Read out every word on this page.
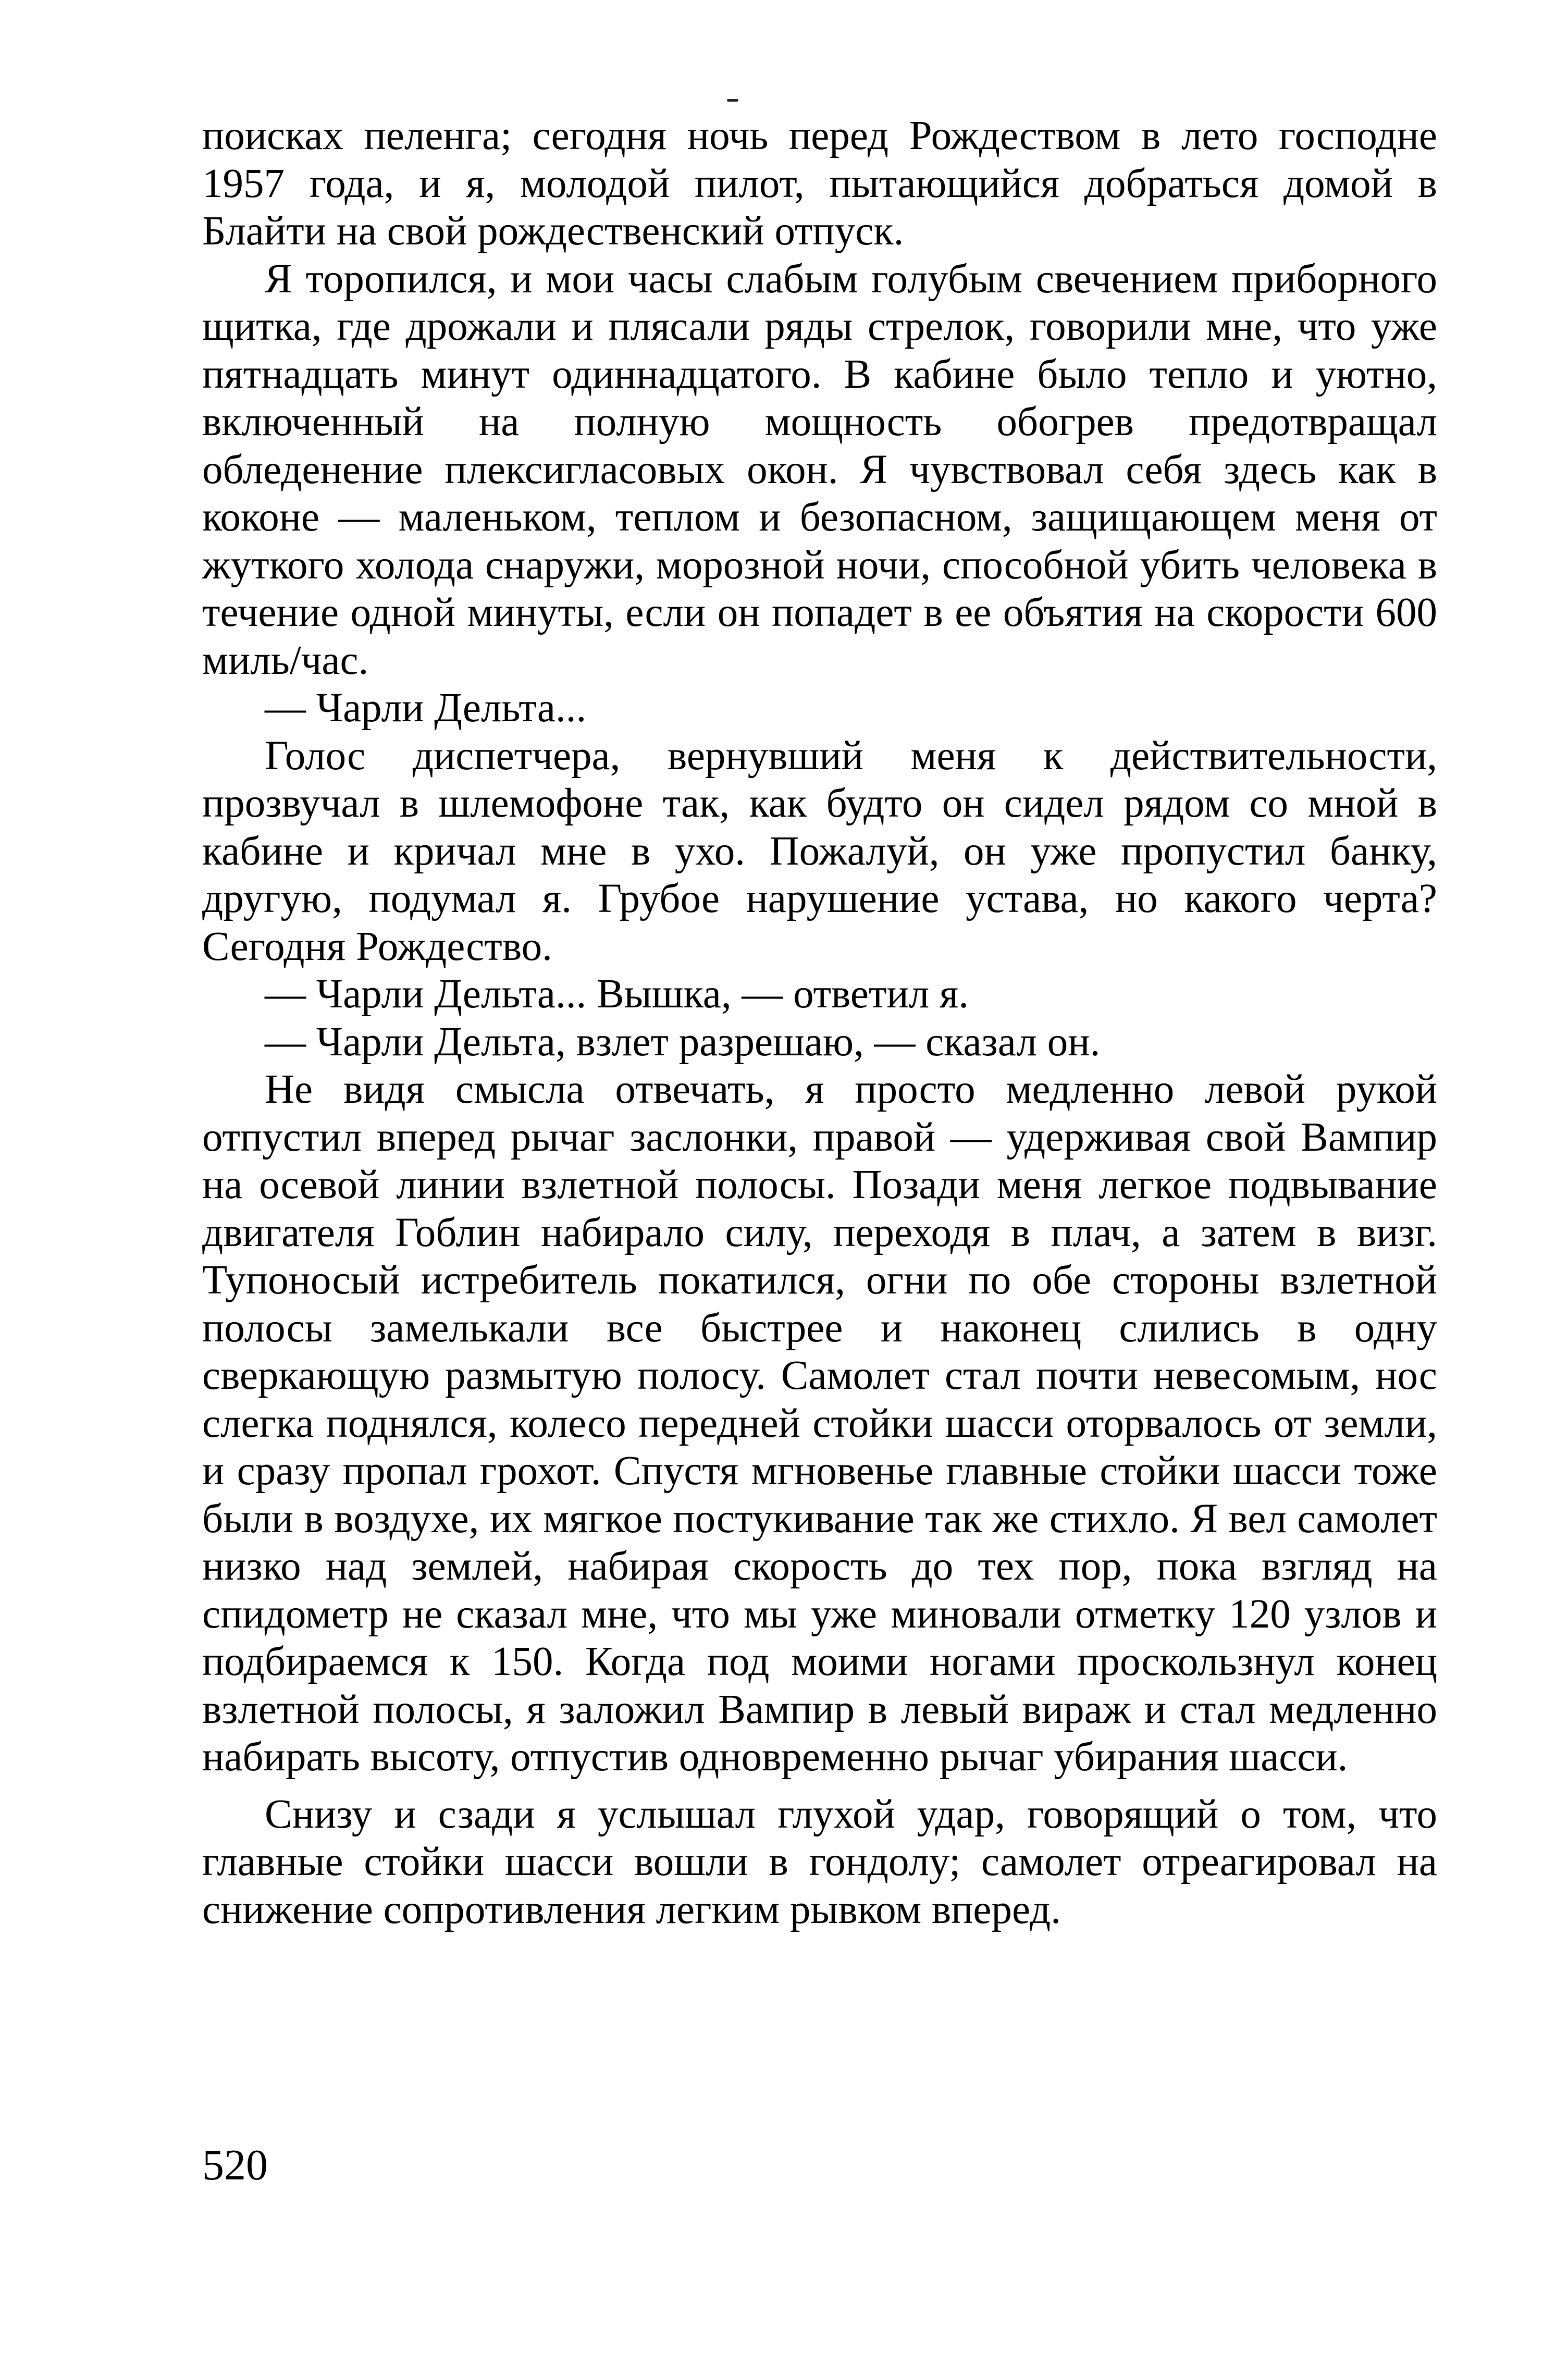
поисках пеленга; сегодня ночь перед Рождеством в лето господне 1957 года, и я, молодой пилот, пытающийся добраться домой в Блайти на свой рождественский отпуск.

Я торопился, и мои часы слабым голубым свечением приборного щитка, где дрожали и плясали ряды стрелок, говорили мне, что уже пятнадцать минут одиннадцатого. В кабине было тепло и уютно, включенный на полную мощность обогрев предотвращал обледенение плексигласовых окон. Я чувствовал себя здесь как в коконе — маленьком, теплом и безопасном, защищающем меня от жуткого холода снаружи, морозной ночи, способной убить человека в течение одной минуты, если он попадет в ее объятия на скорости 600 миль/час.

— Чарли Дельта...

Голос диспетчера, вернувший меня к действительности, прозвучал в шлемофоне так, как будто он сидел рядом со мной в кабине и кричал мне в ухо. Пожалуй, он уже пропустил банку, другую, подумал я. Грубое нарушение устава, но какого черта? Сегодня Рождество.

— Чарли Дельта... Вышка, — ответил я.

— Чарли Дельта, взлет разрешаю, — сказал он.

Не видя смысла отвечать, я просто медленно левой рукой отпустил вперед рычаг заслонки, правой — удерживая свой Вампир на осевой линии взлетной полосы. Позади меня легкое подвывание двигателя Гоблин набирало силу, переходя в плач, а затем в визг. Тупоносый истребитель покатился, огни по обе стороны взлетной полосы замелькали все быстрее и наконец слились в одну сверкающую размытую полосу. Самолет стал почти невесомым, нос слегка поднялся, колесо передней стойки шасси оторвалось от земли, и сразу пропал грохот. Спустя мгновенье главные стойки шасси тоже были в воздухе, их мягкое постукивание так же стихло. Я вел самолет низко над землей, набирая скорость до тех пор, пока взгляд на спидометр не сказал мне, что мы уже миновали отметку 120 узлов и подбираемся к 150. Когда под моими ногами проскользнул конец взлетной полосы, я заложил Вампир в левый вираж и стал медленно набирать высоту, отпустив одновременно рычаг убирания шасси.

Снизу и сзади я услышал глухой удар, говорящий о том, что главные стойки шасси вошли в гондолу; самолет отреагировал на снижение сопротивления легким рывком вперед.

520
